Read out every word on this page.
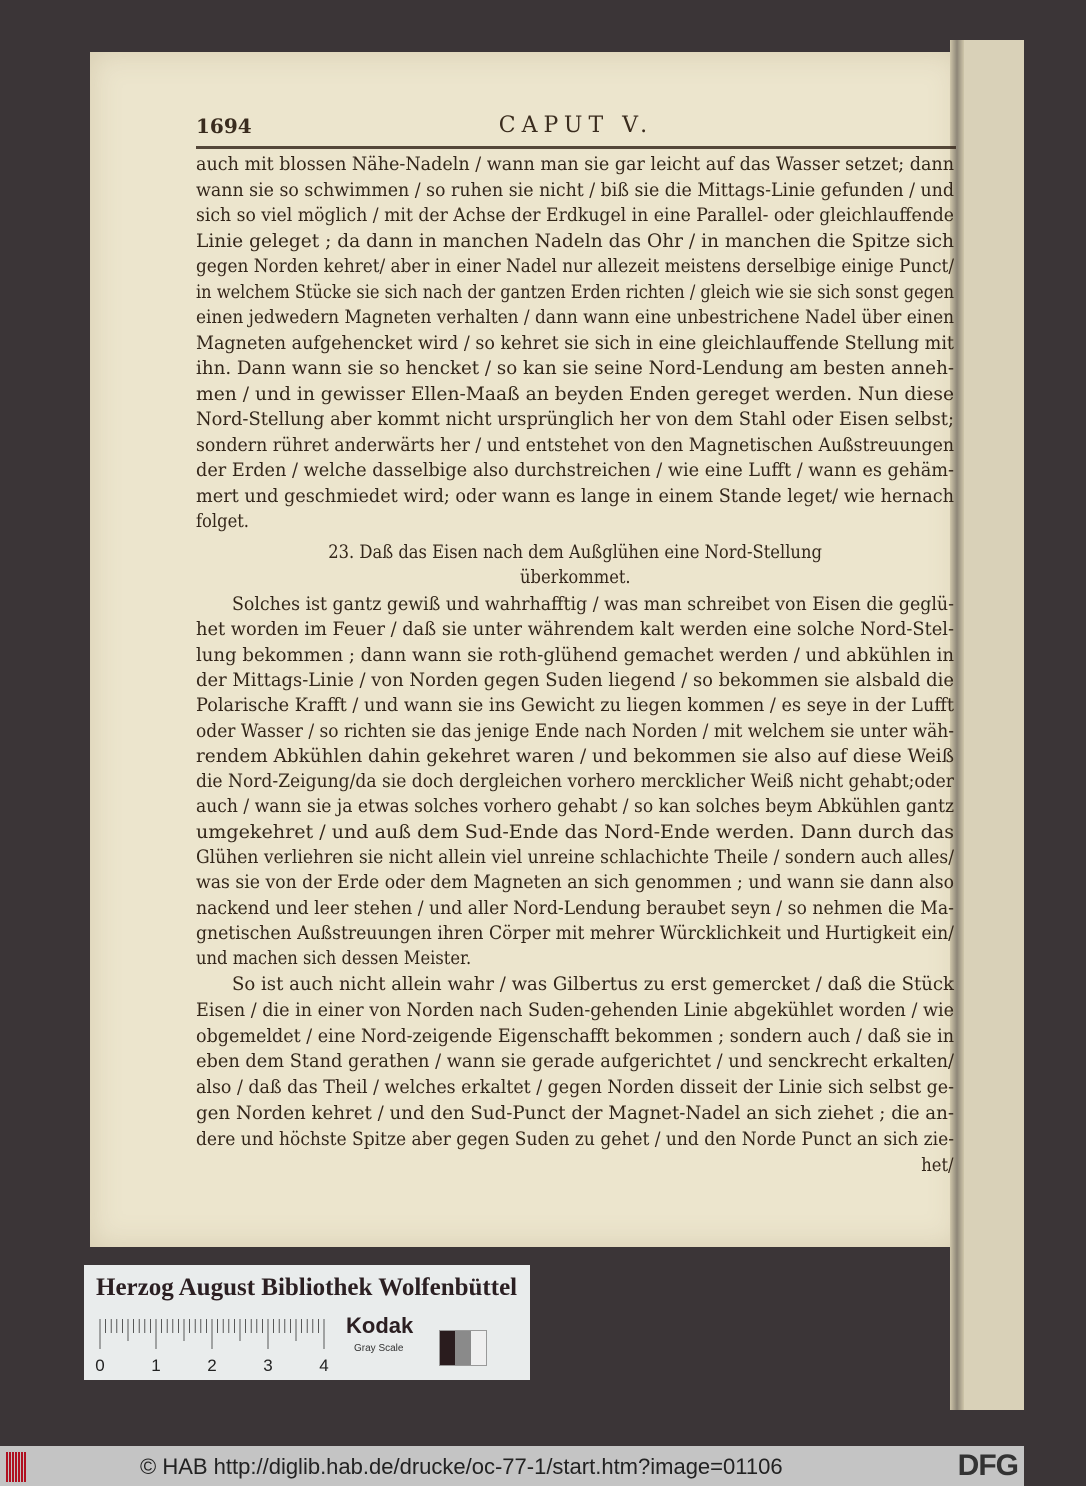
1694	CAPUT V.
auch mit blossen Nähe-Nadeln / wann man sie gar leicht auf das Wasser setzet; dann
wann sie so schwimmen / so ruhen sie nicht / biß sie die Mittags-Linie gefunden / und
sich so viel möglich / mit der Achse der Erdkugel in eine Parallel- oder gleichlauffende
Linie geleget ; da dann in manchen Nadeln das Ohr / in manchen die Spitze sich
gegen Norden kehret/ aber in einer Nadel nur allezeit meistens derselbige einige Punct/
in welchem Stücke sie sich nach der gantzen Erden richten / gleich wie sie sich sonst gegen
einen jedwedern Magneten verhalten / dann wann eine unbestrichene Nadel über einen
Magneten aufgehencket wird / so kehret sie sich in eine gleichlauffende Stellung mit
ihn. Dann wann sie so hencket / so kan sie seine Nord-Lendung am besten anneh-
men / und in gewisser Ellen-Maaß an beyden Enden gereget werden. Nun diese
Nord-Stellung aber kommt nicht ursprünglich her von dem Stahl oder Eisen selbst;
sondern rühret anderwärts her / und entstehet von den Magnetischen Außstreuungen
der Erden / welche dasselbige also durchstreichen / wie eine Lufft / wann es gehäm-
mert und geschmiedet wird; oder wann es lange in einem Stande leget/ wie hernach
folget.
23. Daß das Eisen nach dem Außglühen eine Nord-Stellung
überkommet.
Solches ist gantz gewiß und wahrhafftig / was man schreibet von Eisen die geglü-
het worden im Feuer / daß sie unter währendem kalt werden eine solche Nord-Stel-
lung bekommen ; dann wann sie roth-glühend gemachet werden / und abkühlen in
der Mittags-Linie / von Norden gegen Suden liegend / so bekommen sie alsbald die
Polarische Krafft / und wann sie ins Gewicht zu liegen kommen / es seye in der Lufft
oder Wasser / so richten sie das jenige Ende nach Norden / mit welchem sie unter wäh-
rendem Abkühlen dahin gekehret waren / und bekommen sie also auf diese Weiß
die Nord-Zeigung/da sie doch dergleichen vorhero mercklicher Weiß nicht gehabt;oder
auch / wann sie ja etwas solches vorhero gehabt / so kan solches beym Abkühlen gantz
umgekehret / und auß dem Sud-Ende das Nord-Ende werden. Dann durch das
Glühen verliehren sie nicht allein viel unreine schlachichte Theile / sondern auch alles/
was sie von der Erde oder dem Magneten an sich genommen ; und wann sie dann also
nackend und leer stehen / und aller Nord-Lendung beraubet seyn / so nehmen die Ma-
gnetischen Außstreuungen ihren Cörper mit mehrer Würcklichkeit und Hurtigkeit ein/
und machen sich dessen Meister.
So ist auch nicht allein wahr / was Gilbertus zu erst gemercket / daß die Stück
Eisen / die in einer von Norden nach Suden-gehenden Linie abgekühlet worden / wie
obgemeldet / eine Nord-zeigende Eigenschafft bekommen ; sondern auch / daß sie in
eben dem Stand gerathen / wann sie gerade aufgerichtet / und senckrecht erkalten/
also / daß das Theil / welches erkaltet / gegen Norden disseit der Linie sich selbst ge-
gen Norden kehret / und den Sud-Punct der Magnet-Nadel an sich ziehet ; die an-
dere und höchste Spitze aber gegen Suden zu gehet / und den Norde Punct an sich zie-
het/
Herzog August Bibliothek Wolfenbüttel
0	1	2	3	4
Kodak
Gray Scale
© HAB http://diglib.hab.de/drucke/oc-77-1/start.htm?image=01106	DFG
